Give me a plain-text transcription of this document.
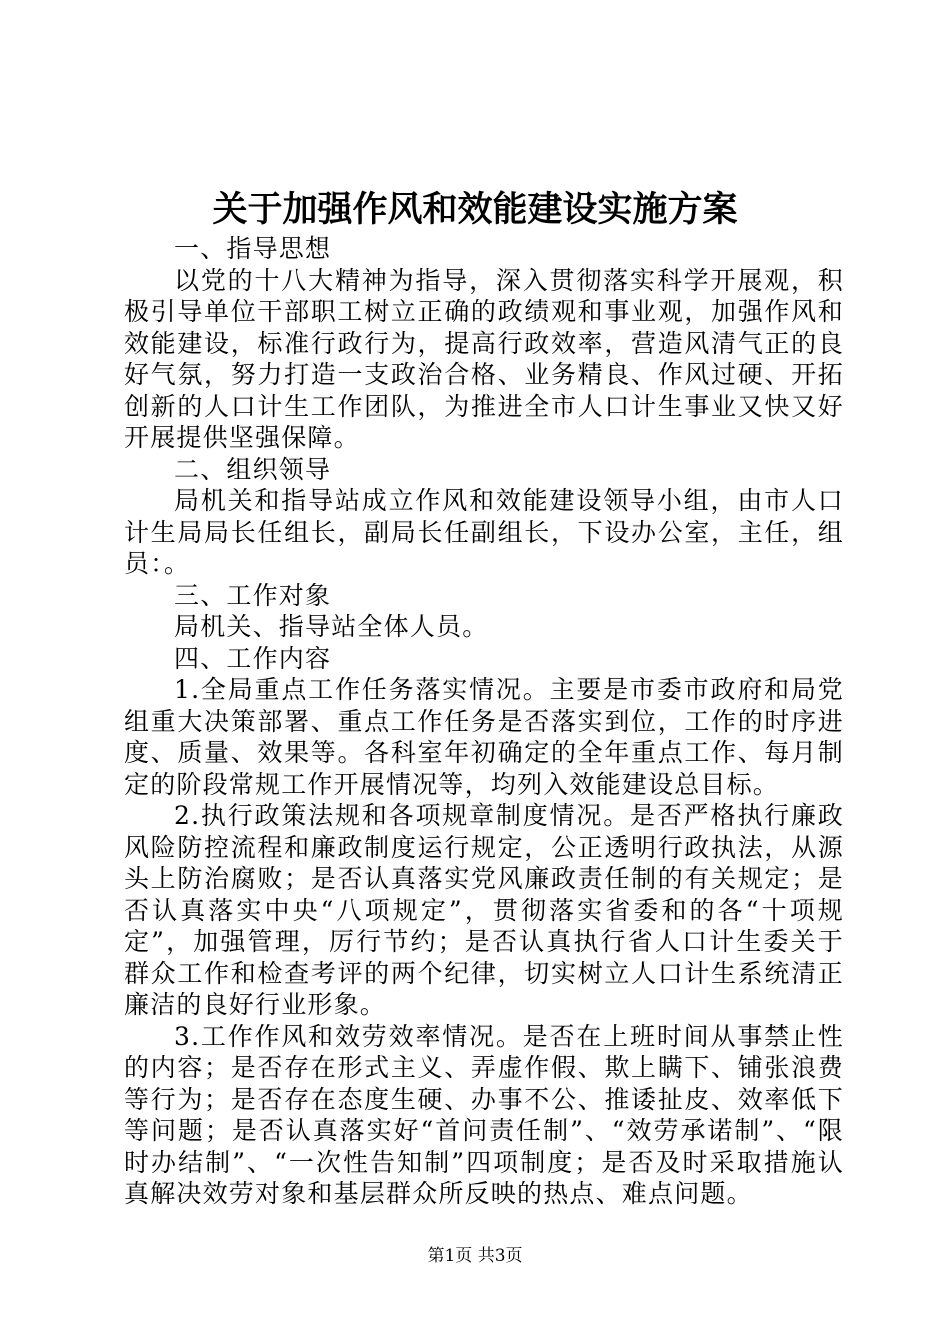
关于加强作风和效能建设实施方案

一、指导思想

以党的十八大精神为指导，深入贯彻落实科学开展观，积极引导单位干部职工树立正确的政绩观和事业观，加强作风和效能建设，标准行政行为，提高行政效率，营造风清气正的良好气氛，努力打造一支政治合格、业务精良、作风过硬、开拓创新的人口计生工作团队，为推进全市人口计生事业又快又好开展提供坚强保障。

二、组织领导

局机关和指导站成立作风和效能建设领导小组，由市人口计生局局长任组长，副局长任副组长，下设办公室，主任，组员：。

三、工作对象

局机关、指导站全体人员。

四、工作内容

1.全局重点工作任务落实情况。主要是市委市政府和局党组重大决策部署、重点工作任务是否落实到位，工作的时序进度、质量、效果等。各科室年初确定的全年重点工作、每月制定的阶段常规工作开展情况等，均列入效能建设总目标。

2.执行政策法规和各项规章制度情况。是否严格执行廉政风险防控流程和廉政制度运行规定，公正透明行政执法，从源头上防治腐败；是否认真落实党风廉政责任制的有关规定；是否认真落实中央“八项规定”，贯彻落实省委和的各“十项规定”，加强管理，厉行节约；是否认真执行省人口计生委关于群众工作和检查考评的两个纪律，切实树立人口计生系统清正廉洁的良好行业形象。

3.工作作风和效劳效率情况。是否在上班时间从事禁止性的内容；是否存在形式主义、弄虚作假、欺上瞒下、铺张浪费等行为；是否存在态度生硬、办事不公、推诿扯皮、效率低下等问题；是否认真落实好“首问责任制”、“效劳承诺制”、“限时办结制”、“一次性告知制”四项制度；是否及时采取措施认真解决效劳对象和基层群众所反映的热点、难点问题。

第1页 共3页
